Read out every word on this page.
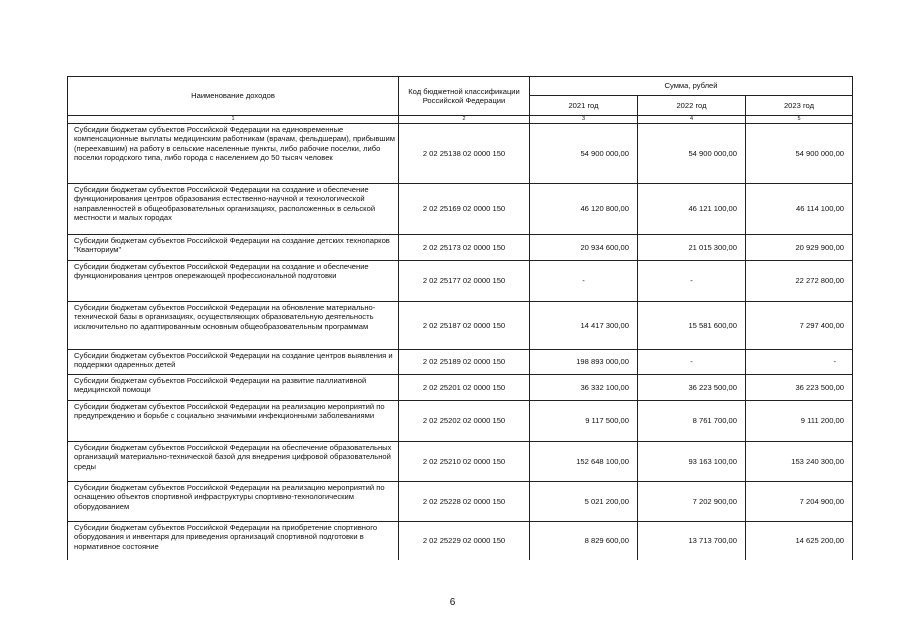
Наименование доходов	Код бюджетной классификации Российской Федерации	Сумма, рублей		
		2021 год	2022 год	2023 год
1	2	3	4	5
Субсидии бюджетам субъектов Российской Федерации на единовременные компенсационные выплаты медицинским работникам (врачам, фельдшерам), прибывшим (переехавшим) на работу в сельские населенные пункты, либо рабочие поселки, либо поселки городского типа, либо города с населением до 50 тысяч человек	2 02 25138 02 0000 150	54 900 000,00	54 900 000,00	54 900 000,00
Субсидии бюджетам субъектов Российской Федерации на создание и обеспечение функционирования центров образования естественно-научной и технологической направленностей в общеобразовательных организациях, расположенных в сельской местности и малых городах	2 02 25169 02 0000 150	46 120 800,00	46 121 100,00	46 114 100,00
Субсидии бюджетам субъектов Российской Федерации на создание детских технопарков "Кванториум"	2 02 25173 02 0000 150	20 934 600,00	21 015 300,00	20 929 900,00
Субсидии бюджетам субъектов Российской Федерации на создание и обеспечение функционирования центров опережающей профессиональной подготовки	2 02 25177 02 0000 150	-	-	22 272 800,00
Субсидии бюджетам субъектов Российской Федерации на обновление материально-технической базы в организациях, осуществляющих образовательную деятельность исключительно по адаптированным основным общеобразовательным программам	2 02 25187 02 0000 150	14 417 300,00	15 581 600,00	7 297 400,00
Субсидии бюджетам субъектов Российской Федерации на создание центров выявления и поддержки одаренных детей	2 02 25189 02 0000 150	198 893 000,00	-	-
Субсидии бюджетам субъектов Российской Федерации на развитие паллиативной медицинской помощи	2 02 25201 02 0000 150	36 332 100,00	36 223 500,00	36 223 500,00
Субсидии бюджетам субъектов Российской Федерации на реализацию мероприятий по предупреждению и борьбе с социально значимыми инфекционными заболеваниями	2 02 25202 02 0000 150	9 117 500,00	8 761 700,00	9 111 200,00
Субсидии бюджетам субъектов Российской Федерации на обеспечение образовательных организаций материально-технической базой для внедрения цифровой образовательной среды	2 02 25210 02 0000 150	152 648 100,00	93 163 100,00	153 240 300,00
Субсидии бюджетам субъектов Российской Федерации на реализацию мероприятий по оснащению объектов спортивной инфраструктуры спортивно-технологическим оборудованием	2 02 25228 02 0000 150	5 021 200,00	7 202 900,00	7 204 900,00
Субсидии бюджетам субъектов Российской Федерации на приобретение спортивного оборудования и инвентаря для приведения организаций спортивной подготовки в нормативное состояние	2 02 25229 02 0000 150	8 829 600,00	13 713 700,00	14 625 200,00
6
